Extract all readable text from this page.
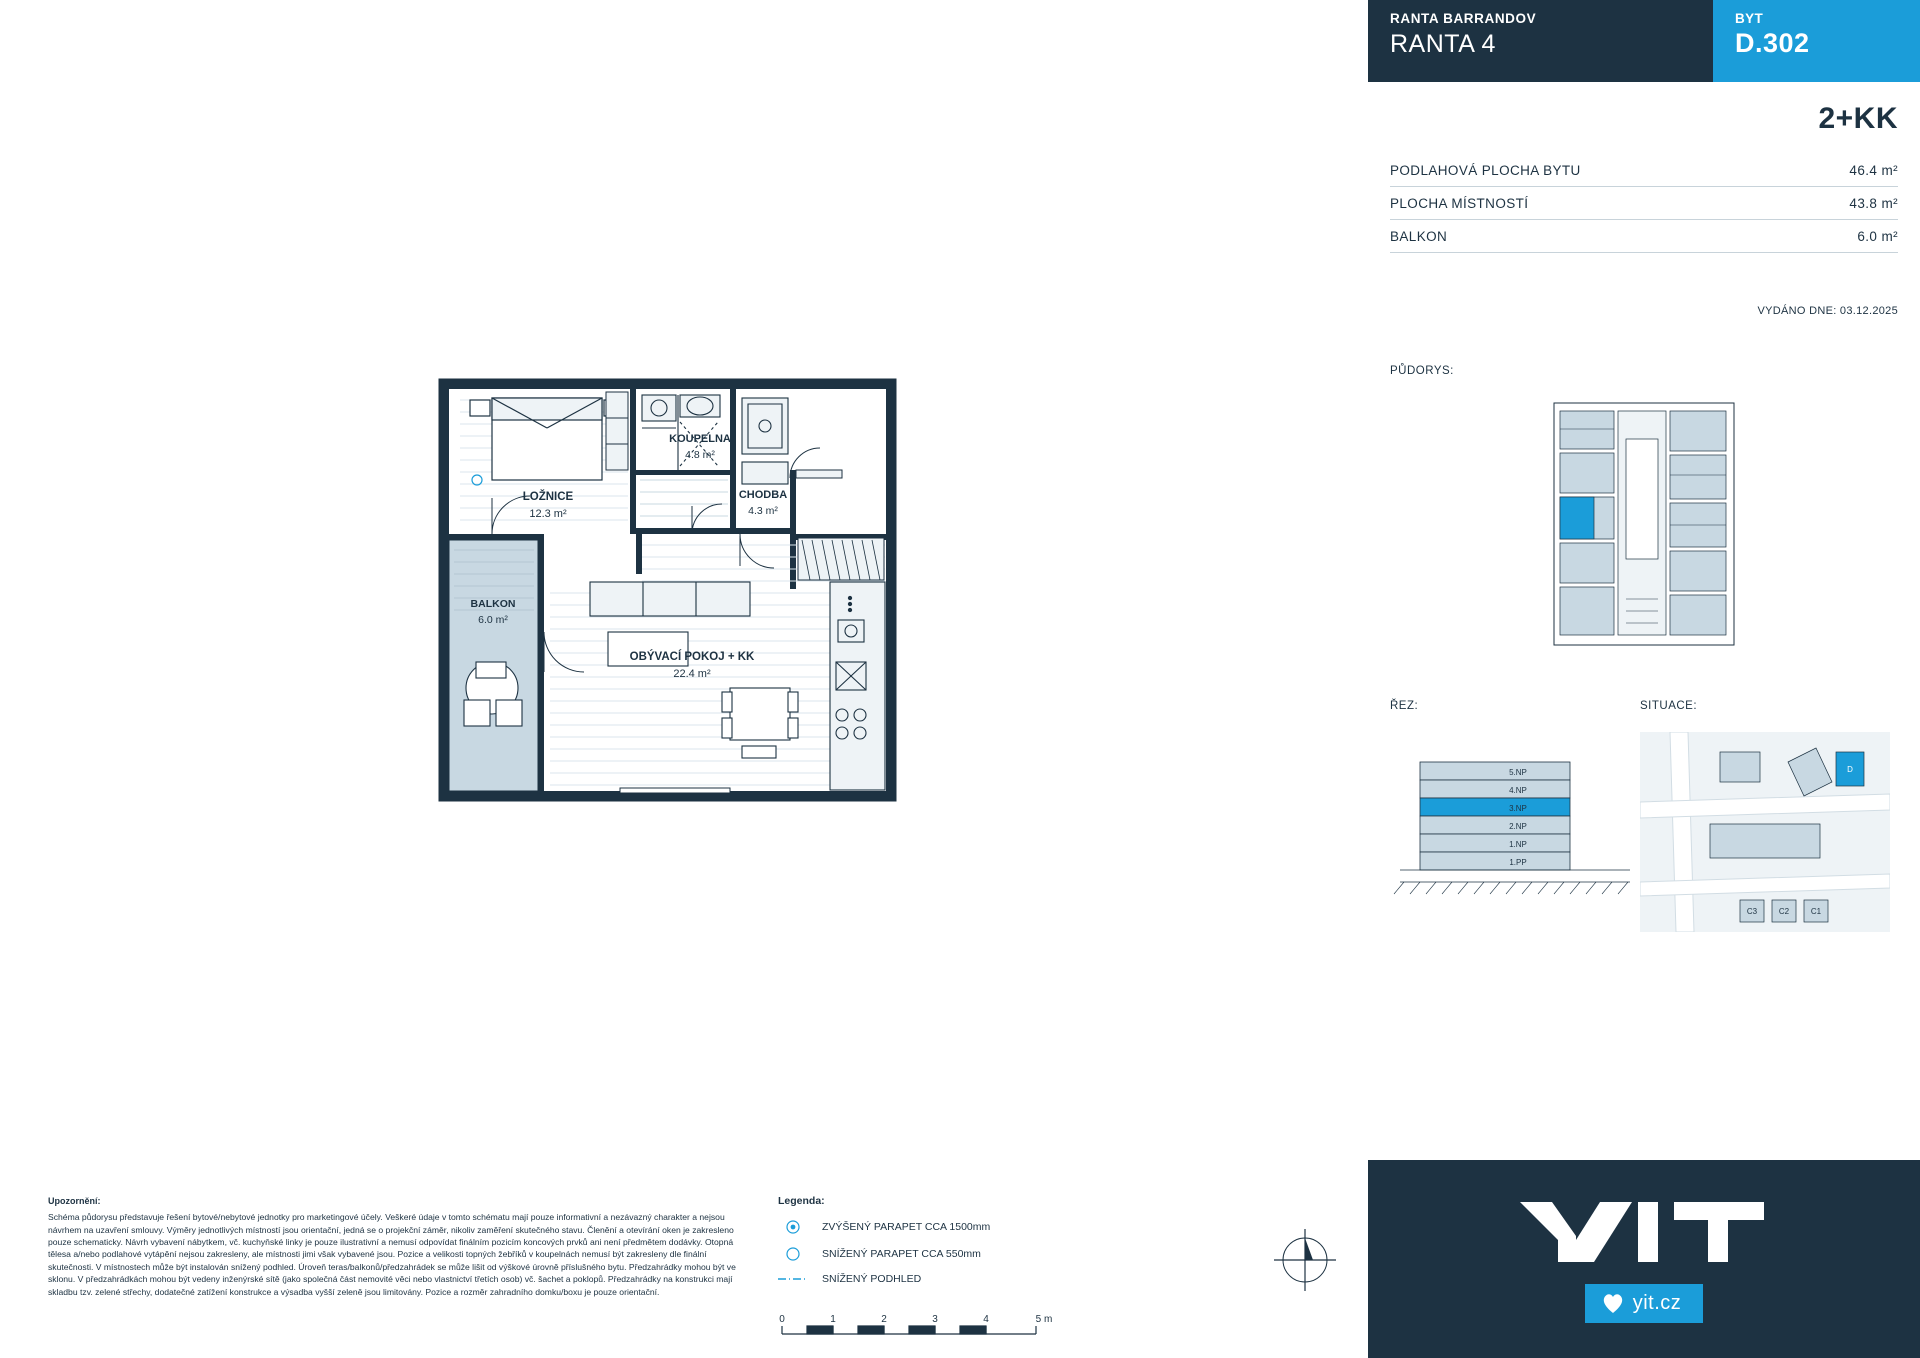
KOUPELNA
4.8 m²
LOŽNICE
12.3 m²
CHODBA
4.3 m²
BALKON
6.0 m²
OBÝVACÍ POKOJ + KK
22.4 m²
Upozornění:
Schéma půdorysu představuje řešení bytové/nebytové jednotky pro marketingové účely. Veškeré údaje v tomto schématu mají pouze informativní a nezávazný charakter a nejsou návrhem na uzavření smlouvy. Výměry jednotlivých místností jsou orientační, jedná se o projekční záměr, nikoliv zaměření skutečného stavu. Členění a otevírání oken je zakresleno pouze schematicky. Návrh vybavení nábytkem, vč. kuchyňské linky je pouze ilustrativní a nemusí odpovídat finálním pozicím koncových prvků ani není předmětem dodávky. Otopná tělesa a/nebo podlahové vytápění nejsou zakresleny, ale místnosti jimi však vybavené jsou. Pozice a velikosti topných žebříků v koupelnách nemusí být zakresleny dle finální skutečnosti. V místnostech může být instalován snížený podhled. Úroveň teras/balkonů/předzahrádek se může lišit od výškové úrovně příslušného bytu. Předzahrádky mohou být ve sklonu. V předzahrádkách mohou být vedeny inženýrské sítě (jako společná část nemovité věci nebo vlastnictví třetích osob) vč. šachet a poklopů. Předzahrádky na konstrukci mají skladbu tzv. zelené střechy, dodatečné zatížení konstrukce a výsadba vyšší zeleně jsou limitovány. Pozice a rozměr zahradního domku/boxu je pouze orientační.
Legenda:
ZVÝŠENÝ PARAPET CCA 1500mm
SNÍŽENÝ PARAPET CCA 550mm
SNÍŽENÝ PODHLED
0	1	2	3	4	5 m
RANTA BARRANDOV
RANTA 4
BYT
D.302
2+KK
PODLAHOVÁ PLOCHA BYTU	46.4 m²
PLOCHA MÍSTNOSTÍ	43.8 m²
BALKON	6.0 m²
VYDÁNO DNE: 03.12.2025
PŮDORYS:
ŘEZ:	SITUACE:
5.NP
4.NP
3.NP
2.NP
1.NP
1.PP
D
C3	C2	C1
yit.cz
